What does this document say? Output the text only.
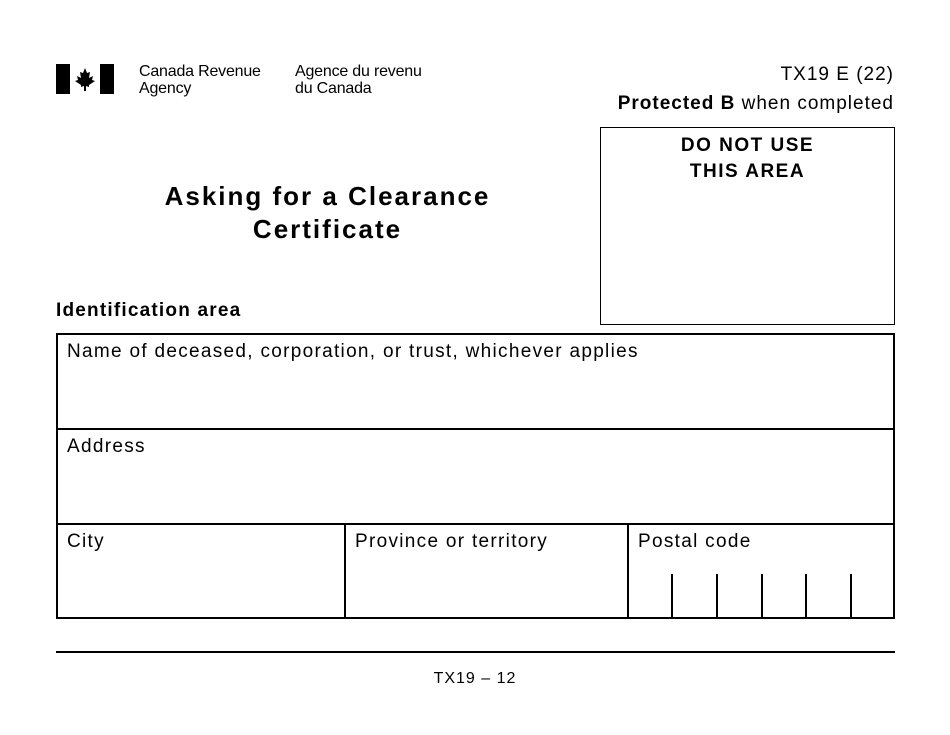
Canada Revenue
Agency
Agence du revenu
du Canada
TX19 E (22)
Protected B when completed
DO NOT USE
THIS AREA
Asking for a Clearance
Certificate
Identification area
Name of deceased, corporation, or trust, whichever applies
Address
City	Province or territory	Postal code
TX19 – 12
